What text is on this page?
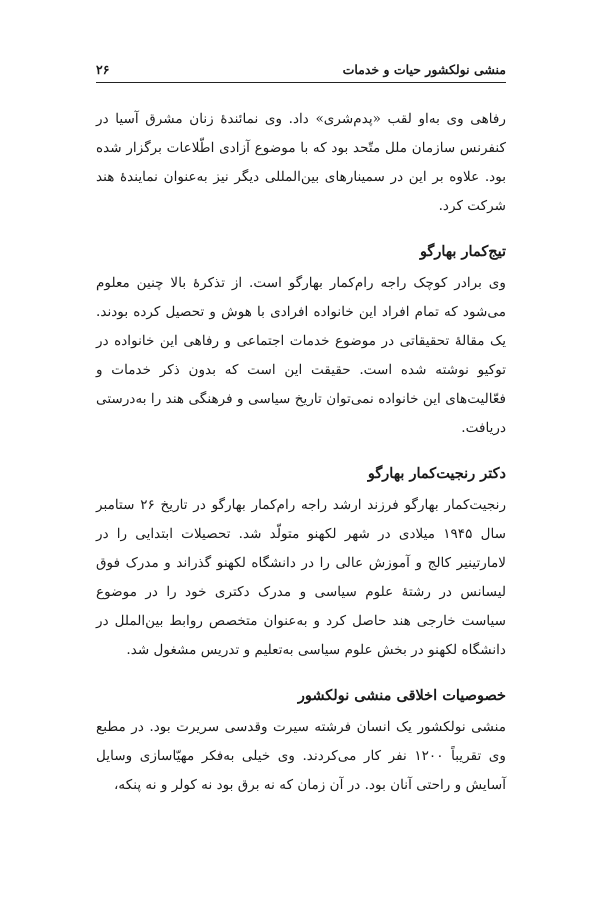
منشی نولکشور حیات و خدمات
۲۶

رفاهی وی به‌او لقب «پدم‌شری» داد. وی نمائندهٔ زنان مشرق آسیا در کنفرنس سازمان ملل متّحد بود که با موضوع آزادی اطّلاعات برگزار شده بود. علاوه بر این در سمینارهای بین‌المللی دیگر نیز به‌عنوان نمایندهٔ هند شرکت کرد.

تیج‌کمار بهارگو

وی برادر کوچک راجه رام‌کمار بهارگو است. از تذکرهٔ بالا چنین معلوم می‌شود که تمام افراد این خانواده افرادی با هوش و تحصیل کرده بودند. یک مقالهٔ تحقیقاتی در موضوع خدمات اجتماعی و رفاهی این خانواده در توکیو نوشته شده است. حقیقت این است که بدون ذکر خدمات و فعّالیت‌های این خانواده نمی‌توان تاریخ سیاسی و فرهنگی هند را به‌درستی دریافت.

دکتر رنجیت‌کمار بهارگو

رنجیت‌کمار بهارگو فرزند ارشد راجه رام‌کمار بهارگو در تاریخ ۲۶ ستامبر سال ۱۹۴۵ میلادی در شهر لکهنو متولّد شد. تحصیلات ابتدایی را در لامارتینیر کالج و آموزش عالی را در دانشگاه لکهنو گذراند و مدرک فوق لیسانس در رشتهٔ علوم سیاسی و مدرک دکتری خود را در موضوع سیاست خارجی هند حاصل کرد و به‌عنوان متخصص روابط بین‌الملل در دانشگاه لکهنو در بخش علوم سیاسی به‌تعلیم و تدریس مشغول شد.

خصوصیات اخلاقی منشی نولکشور

منشی نولکشور یک انسان فرشته سیرت وقدسی سریرت بود. در مطبع وی تقریباً ۱۲۰۰ نفر کار می‌کردند. وی خیلی به‌فکر مهیّاسازی وسایل آسایش و راحتی آنان بود. در آن زمان که نه برق بود نه کولر و نه پنکه،
